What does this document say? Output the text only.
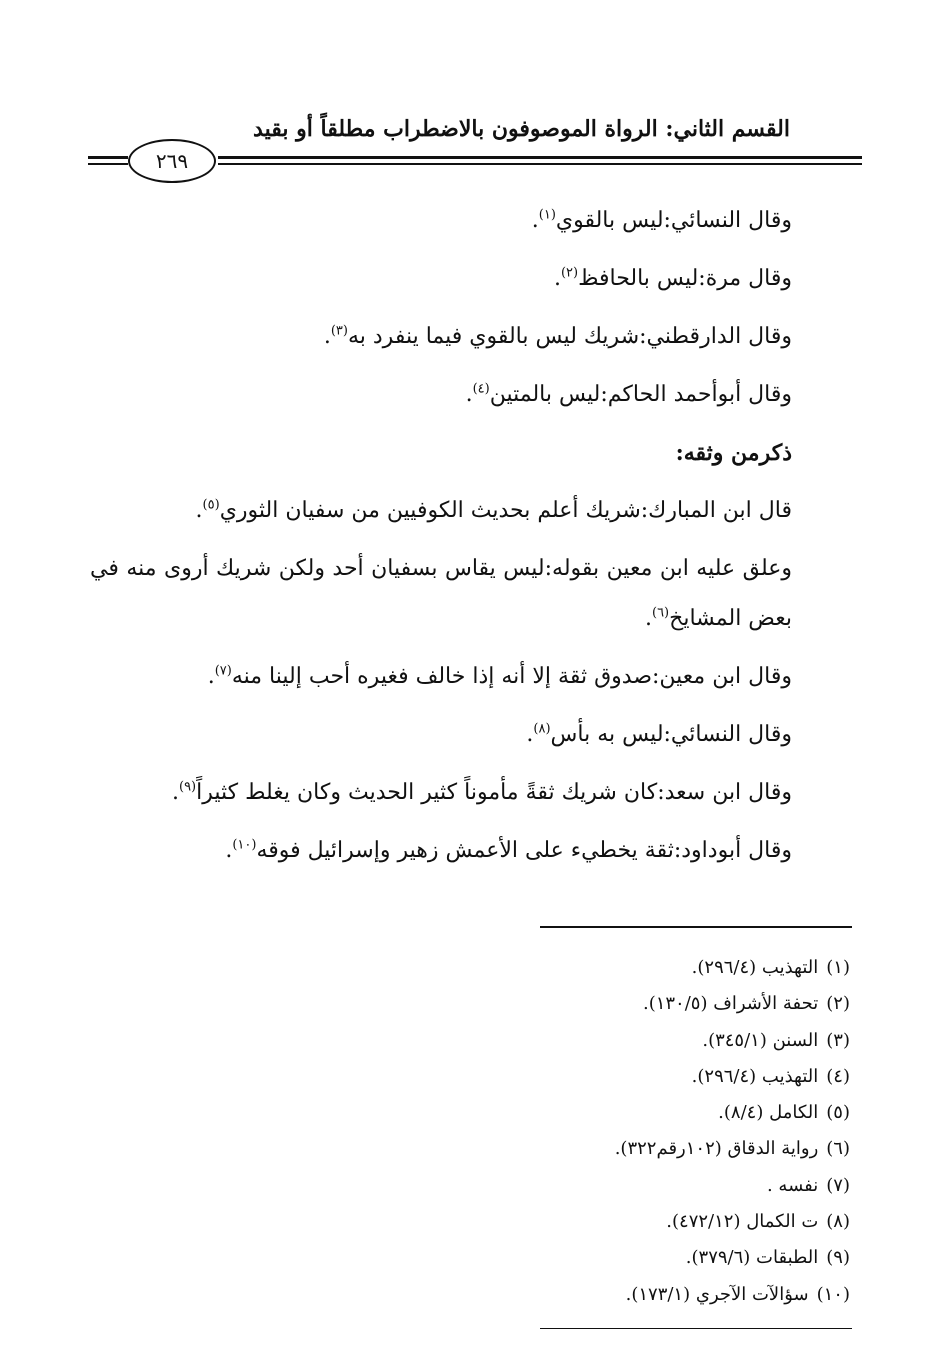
القسم الثاني: الرواة الموصوفون بالاضطراب مطلقاً أو بقيد
٢٦٩

وقال النسائي:ليس بالقوي$^{(١)}$.

وقال مرة:ليس بالحافظ$^{(٢)}$.

وقال الدارقطني:شريك ليس بالقوي فيما ينفرد به$^{(٣)}$.

وقال أبوأحمد الحاكم:ليس بالمتين$^{(٤)}$.

ذكرمن وثقه:

قال ابن المبارك:شريك أعلم بحديث الكوفيين من سفيان الثوري$^{(٥)}$.

وعلق عليه ابن معين بقوله:ليس يقاس بسفيان أحد ولكن شريك أروى منه في بعض المشايخ$^{(٦)}$.

وقال ابن معين:صدوق ثقة إلا أنه إذا خالف فغيره أحب إلينا منه$^{(٧)}$.

وقال النسائي:ليس به بأس$^{(٨)}$.

وقال ابن سعد:كان شريك ثقةً مأموناً كثير الحديث وكان يغلط كثيراً$^{(٩)}$.

وقال أبوداود:ثقة يخطيء على الأعمش زهير وإسرائيل فوقه$^{(١٠)}$.

(١)التهذيب (٢٩٦/٤).
(٢)تحفة الأشراف (١٣٠/٥).
(٣)السنن (٣٤٥/١).
(٤)التهذيب (٢٩٦/٤).
(٥)الكامل (٨/٤).
(٦)رواية الدقاق (١٠٢رقم٣٢٢).
(٧)نفسه .
(٨)ت الكمال (٤٧٢/١٢).
(٩)الطبقات (٣٧٩/٦).
(١٠)سؤالآت الآجري (١٧٣/١).
